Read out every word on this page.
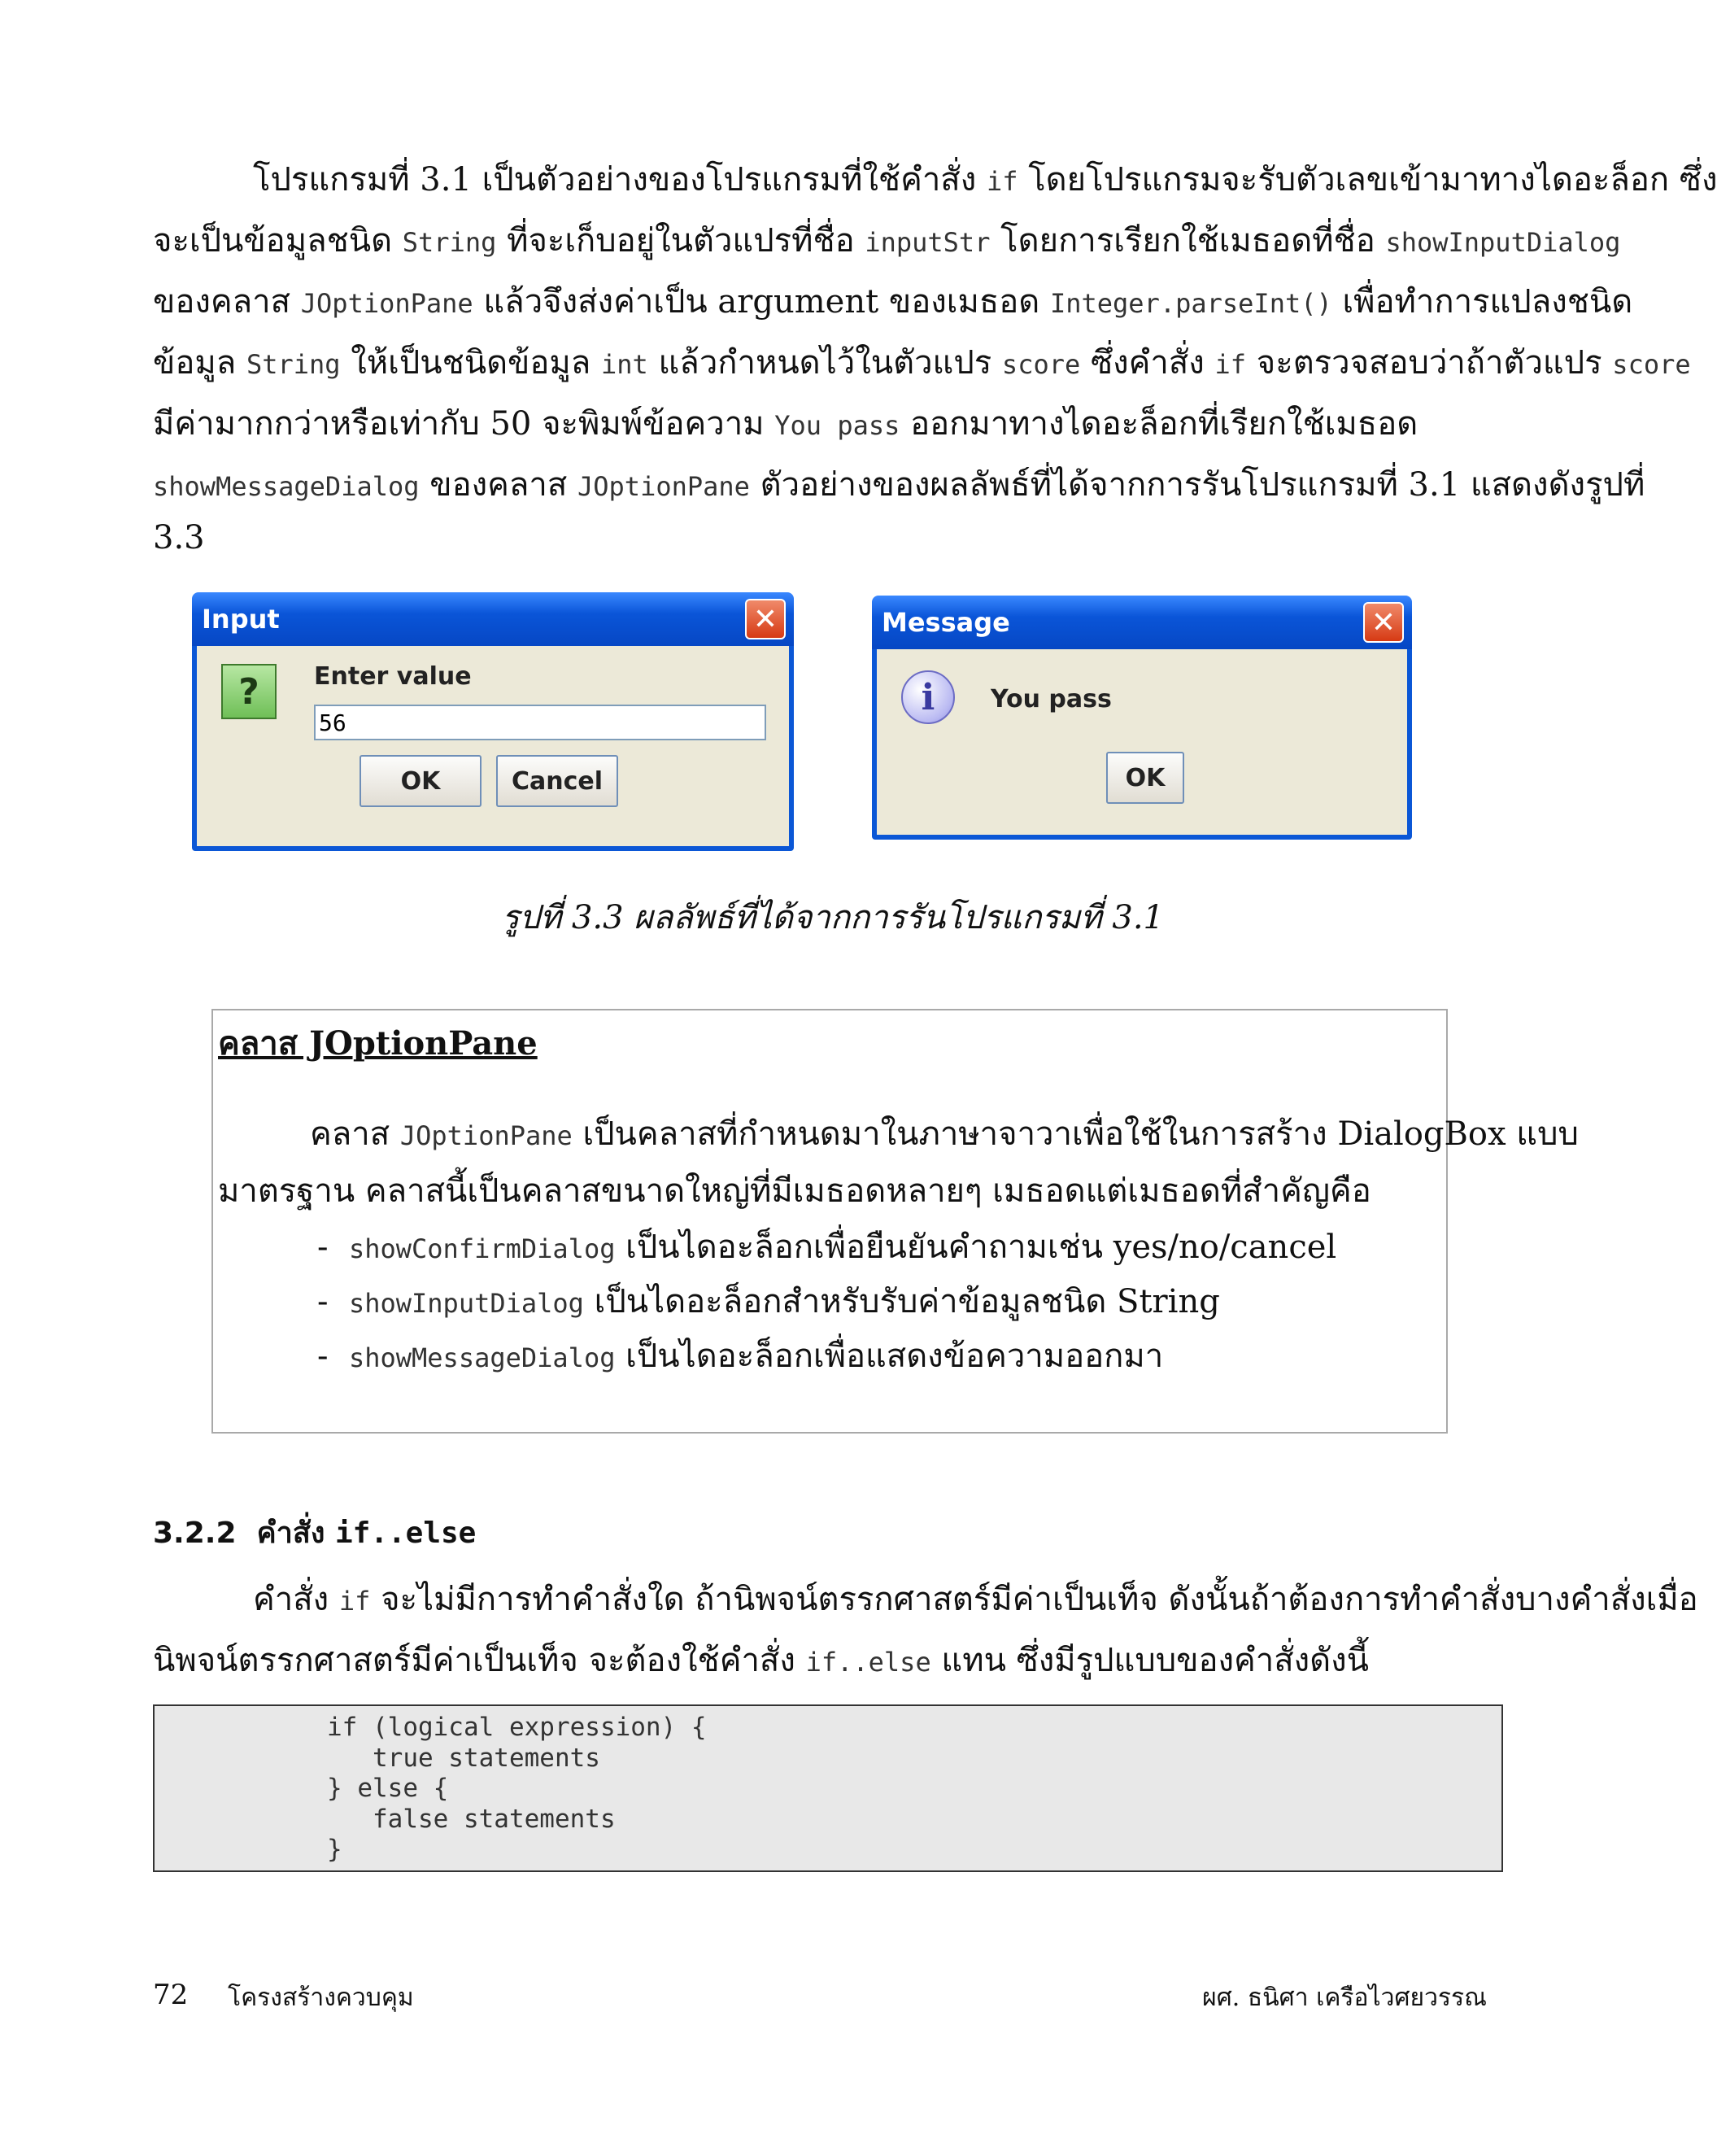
โปรแกรมที่ 3.1 เป็นตัวอย่างของโปรแกรมที่ใช้คำสั่ง if โดยโปรแกรมจะรับตัวเลขเข้ามาทางไดอะล็อก ซึ่ง
จะเป็นข้อมูลชนิด String ที่จะเก็บอยู่ในตัวแปรที่ชื่อ inputStr โดยการเรียกใช้เมธอดที่ชื่อ showInputDialog
ของคลาส JOptionPane แล้วจึงส่งค่าเป็น argument ของเมธอด Integer.parseInt() เพื่อทำการแปลงชนิด
ข้อมูล String ให้เป็นชนิดข้อมูล int แล้วกำหนดไว้ในตัวแปร score ซึ่งคำสั่ง if จะตรวจสอบว่าถ้าตัวแปร score
มีค่ามากกว่าหรือเท่ากับ 50 จะพิมพ์ข้อความ You pass ออกมาทางไดอะล็อกที่เรียกใช้เมธอด
showMessageDialog ของคลาส JOptionPane ตัวอย่างของผลลัพธ์ที่ได้จากการรันโปรแกรมที่ 3.1 แสดงดังรูปที่
3.3
Input	✕
?	Enter value
56
OK	Cancel
Message	✕
i	You pass
OK
รูปที่ 3.3 ผลลัพธ์ที่ได้จากการรันโปรแกรมที่ 3.1
คลาส JOptionPane
คลาส JOptionPane เป็นคลาสที่กำหนดมาในภาษาจาวาเพื่อใช้ในการสร้าง DialogBox แบบ
มาตรฐาน คลาสนี้เป็นคลาสขนาดใหญ่ที่มีเมธอดหลายๆ เมธอดแต่เมธอดที่สำคัญคือ
- showConfirmDialog เป็นไดอะล็อกเพื่อยืนยันคำถามเช่น yes/no/cancel
- showInputDialog เป็นไดอะล็อกสำหรับรับค่าข้อมูลชนิด String
- showMessageDialog เป็นไดอะล็อกเพื่อแสดงข้อความออกมา
3.2.2 คำสั่ง if..else
คำสั่ง if จะไม่มีการทำคำสั่งใด ถ้านิพจน์ตรรกศาสตร์มีค่าเป็นเท็จ ดังนั้นถ้าต้องการทำคำสั่งบางคำสั่งเมื่อ
นิพจน์ตรรกศาสตร์มีค่าเป็นเท็จ จะต้องใช้คำสั่ง if..else แทน ซึ่งมีรูปแบบของคำสั่งดังนี้
if (logical expression) {
true statements
} else {
false statements
}
72 โครงสร้างควบคุม	ผศ. ธนิศา เครือไวศยวรรณ
